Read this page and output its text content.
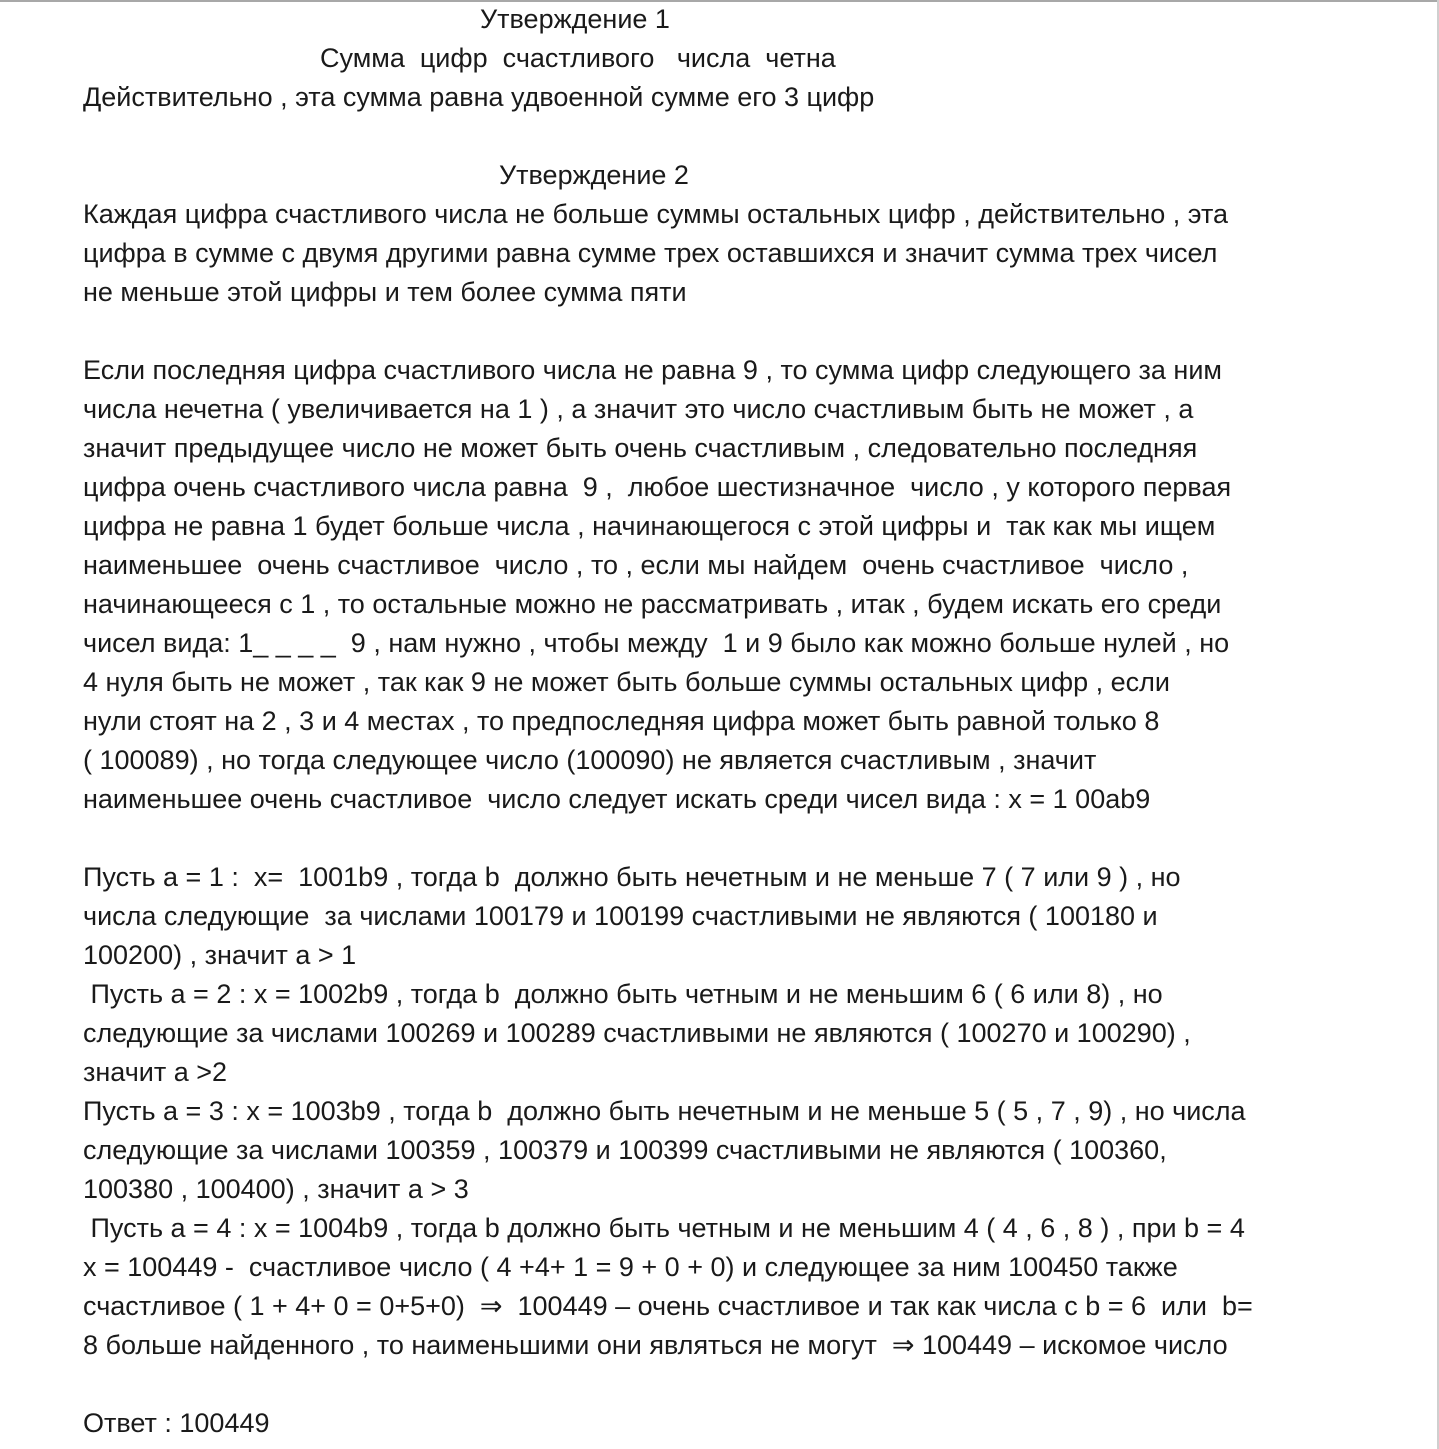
Утверждение 1
Сумма  цифр  счастливого   числа  четна
Действительно , эта сумма равна удвоенной сумме его 3 цифр
Утверждение 2
Каждая цифра счастливого числа не больше суммы остальных цифр , действительно , эта
цифра в сумме с двумя другими равна сумме трех оставшихся и значит сумма трех чисел
не меньше этой цифры и тем более сумма пяти
Если последняя цифра счастливого числа не равна 9 , то сумма цифр следующего за ним
числа нечетна ( увеличивается на 1 ) , а значит это число счастливым быть не может , а
значит предыдущее число не может быть очень счастливым , следовательно последняя
цифра очень счастливого числа равна  9 ,  любое шестизначное  число , у которого первая
цифра не равна 1 будет больше числа , начинающегося с этой цифры и  так как мы ищем
наименьшее  очень счастливое  число , то , если мы найдем  очень счастливое  число ,
начинающееся с 1 , то остальные можно не рассматривать , итак , будем искать его среди
чисел вида: 1_ _ _ _  9 , нам нужно , чтобы между  1 и 9 было как можно больше нулей , но
4 нуля быть не может , так как 9 не может быть больше суммы остальных цифр , если
нули стоят на 2 , 3 и 4 местах , то предпоследняя цифра может быть равной только 8
( 100089) , но тогда следующее число (100090) не является счастливым , значит
наименьшее очень счастливое  число следует искать среди чисел вида : x = 1 00ab9
Пусть a = 1 :  x=  1001b9 , тогда b  должно быть нечетным и не меньше 7 ( 7 или 9 ) , но
числа следующие  за числами 100179 и 100199 счастливыми не являются ( 100180 и
100200) , значит a > 1
Пусть a = 2 : x = 1002b9 , тогда b  должно быть четным и не меньшим 6 ( 6 или 8) , но
следующие за числами 100269 и 100289 счастливыми не являются ( 100270 и 100290) ,
значит a >2
Пусть a = 3 : x = 1003b9 , тогда b  должно быть нечетным и не меньше 5 ( 5 , 7 , 9) , но числа
следующие за числами 100359 , 100379 и 100399 счастливыми не являются ( 100360,
100380 , 100400) , значит a > 3
Пусть a = 4 : x = 1004b9 , тогда b должно быть четным и не меньшим 4 ( 4 , 6 , 8 ) , при b = 4
x = 100449 -  счастливое число ( 4 +4+ 1 = 9 + 0 + 0) и следующее за ним 100450 также
счастливое ( 1 + 4+ 0 = 0+5+0)  ⇒  100449 – очень счастливое и так как числа с b = 6  или  b=
8 больше найденного , то наименьшими они являться не могут  ⇒ 100449 – искомое число
Ответ : 100449
